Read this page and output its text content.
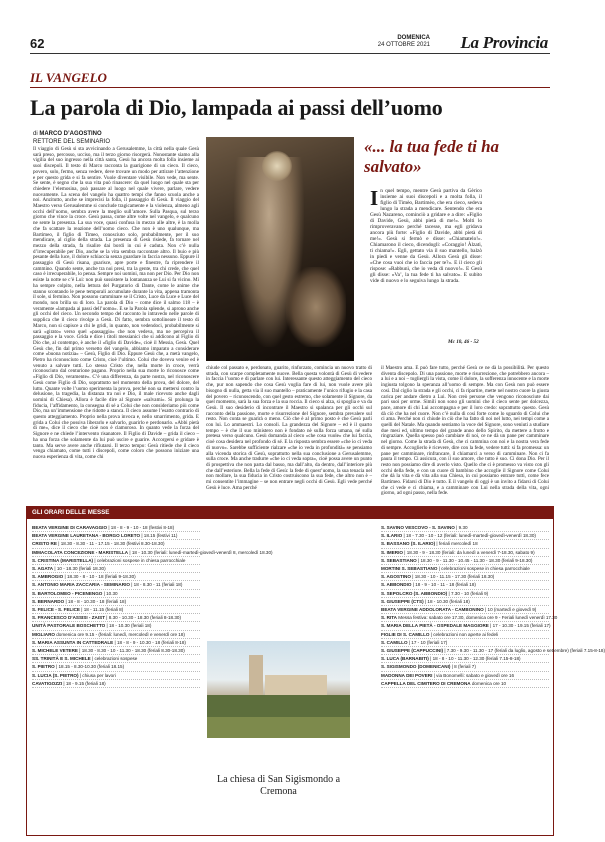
62	DOMENICA
24 OTTOBRE 2021 La Provincia
IL VANGELO
La parola di Dio, lampada ai passi dell’uomo
di MARCO D’AGOSTINO
RETTORE DEL SEMINARIO

Il viaggio di Gesù si sta avvicinando a Gerusalemme, la città nella quale Gesù sarà preso, percosso, ucciso, ma il terzo giorno risorgerà. Nonostante siamo alla vigilia del suo ingresso nella città santa, Gesù ha ancora molta folla insieme ai suoi discepoli. Il testo di Marco racconta la guarigione di un cieco. Il cieco, povero, solo, fermo, senza vedere, deve trovare un modo per attirare l’attenzione e per questo grida e si fa sentire. Vuole diventare visibile. Non vede, ma sente. Se sente, è segno che la sua vita può rinascere: da quel luogo nel quale sta per chiedere l’elemosina, può passare al luogo nel quale vivere, parlare, vedere nuovamente. La scena del vangelo ha quattro tempi che fanno scuola anche a noi. Anzitutto, anche se imprecisi la folla, il passaggio di Gesù. Il viaggio del Maestro verso Gerusalemme si conclude tragicamente e la violenza, almeno agli occhi dell’uomo, sembra avere la meglio sull’amore. Sulla Pasqua, sul terzo giorno che vince la croce. Gesù passa, come altre volte nel vangelo, e qualcuno ne sente la presenza. La sua voce, quasi confusa in mezzo alle altre, è la molla che fa scattare la reazione dell’uomo cieco. Che non è uno qualunque, ma Bartimeo, il figlio di Timeo, conosciuto solo, probabilmente, per il suo mendicare, al ciglio della strada. La presenza di Gesù risiede, fa tornare nel mezzo della strada, fa risalire dai bordi in cui è caduta. Non c’è nulla d’irrecuperabile per Dio, anche se la vita sembra raccontare altro. Il buio e più pesante della luce, il dolore schiaccia senza guardare in faccia nessuno. Eppure il passaggio di Gesù risana, guarisce, apre porte e finestre, fa riprendere il cammino. Quando sente, anche tra noi presi, tra la gente, tra chi crede, che quel caso è irrecuperabile, lo pensa. Sempre noi uomini, ma non per Dio. Per Dio non esiste la notte se c’è Lui: non può sussistere la lontananza se Lui si fa vicino. Mi ha sempre colpito, nella lettura del Purgatorio di Dante, come le anime che stanno scontando le pene temporali accumulate durante la vita, appena tramonta il sole, si fermino. Non possono camminare se il Cristo, Luce da Luce e Luce del mondo, non brilla su di loro. La parola di Dio – come dice il salmo 118 – è veramente «lampada ai passi dell’uomo». E se la Parola splende, si aprono anche gli occhi del cieco. Un secondo tempo del racconto lo intravedo nelle parole di supplica che il cieco rivolge a Gesù. Di fatto, sembra sottolineare il testo di Marco, non si capisce a chi le gridi, in quanto, non vedendoci, probabilmente si sarà «girato» verso quel «passaggio» che non vedeva, ma ne percepiva il passaggio e la voce. Grida e dice i titoli messianici che si addicono al Figlio di Dio che, al contempo, è anche il «figlio di Davide», cioè il Messia, Gesù. Quel Gesù che, fin dal primo versetto del vangelo, abbiamo imparato a considerare come «buona notizia» – Gesù, Figlio di Dio. Eppure Gesù che, a metà vangelo, Pietro ha riconosciuto come Cristo, cioè l’ultimo. Colui che doveva venire ed è venuto a salvare tutti. Lo stesso Cristo che, nella morte in croce, verrà riconosciuto dal centurione pagano. Proprio nella sua morte lo riconosce come «Figlio di Dio, veramente». C’è una differenza, da parte nostra, nel riconoscere Gesù come Figlio di Dio, soprattutto nel momento della prova, del dolore, del lutto. Quante volte l’uomo sperimenta la prova, perché non sa mettersi contro la delusione, la tragedia, la distanza tra noi e Dio, il male ricevuto anche dagli uomini di Chiesa). Allora è facile dire al Signore «salvami». Si prolunga la fiducia, l’affidamento, la consegna di sé a Colui che non consideriamo più come Dio, ma un’immensione che ridotte a stanca. Il cieco assume l’esatto contrario di questo atteggiamento. Proprio nella prova invoca e, nello smarrimento, grida. E grida a Colui che possiva liberarlo e salvarlo, guarirlo e perdonarlo. «Abbi pietà di me», dice il cieco che cioè non è clamoroso. In quanto vede la forza del Signore e ne chiede l’intervento risanatore. Il Figlio di Davide – grida il cieco – ha una forza che solamente da lui può uscire e guarire. Accorgersi e gridare è tanto. Ma serve avere anche rifiutarsi. Il terzo tempo: Gesù ritiede che il cieco venga chiamato, come tutti i discepoli, come coloro che possono iniziare una nuova esperienza di vita, come chi

«... la tua fede ti ha salvato»
In quel tempo, mentre Gesù partiva da Gèrico insieme ai suoi discepoli e a molta folla, il figlio di Timèo, Bartimèo, che era cieco, sedeva lungo la strada a mendicare. Sentendo che era Gesù Nazareno, cominciò a gridare e a dire: «Figlio di Davide, Gesù, abbi pietà di me!». Molti lo rimproveravano perché tacesse, ma egli gridava ancora più forte: «Figlio di Davide, abbi pietà di me!». Gesù si fermò e disse: «Chiamatelo!». Chiamarono il cieco, dicendogli: «Coraggio! Àlzati, ti chiama!». Egli, gettato via il suo mantello, balzò in piedi e venne da Gesù. Allora Gesù gli disse: «Che cosa vuoi che io faccia per te?». E il cieco gli rispose: «Rabbunì, che io veda di nuovo!». E Gesù gli disse: «Va’, la tua fede ti ha salvato». E subito vide di nuovo e lo seguiva lungo la strada.
Mc 10, 46 - 52

chiude col passato e, perdonato, guarito, rinforzato, comincia un nuovo tratto di strada, con scarpe completamente nuove. Bella questa volontà di Gesù di vedere in faccia l’uomo e di parlare con lui. Interessante questo atteggiamento del cieco che, pur non sapendo che cosa Gesù voglia fare di lui, non vuole avere più bisogno di nulla, getta via il suo mantello – praticamente l’unico rifugio e la casa del povero – riconoscendo, con quel gesto estremo, che solamente il Signore, da quel momento, sarà la sua forza e la sua roccia. Il cieco si alza, si spoglia e va da Gesù. Il suo desiderio di incontrare il Maestro si spalanca per gli occhi sul racconto della passione, morte e risurrezione del Signore, sembra prevalere sul resto. Non conta se guarirà o meno. Ciò che è al primo posto è che Gesù parli con lui. Lo ammaestri. Lo consoli. La grandezza del Signore – ed è il quarto tempo – è che il suo ministero non è fondato nè sulla forza umana, né sulla pretesa verso qualcuno. Gesù domanda al cieco «che cosa vuole» che lui faccia, cioè cosa desidera nel profondo di sé. E la risposta sembra essere «che io ci veda di nuovo». Sarebbe sufficiente rialzare «che io veda in profondità» se pensiamo alla vicenda storica di Gesù, soprattutto nella sua conclusione a Gerusalemme, sulla croce. Ma anche tradurre «che io ci veda sopra», cioè possa avere un punto di prospettiva che non parta dal basso, ma dall’alto, da dentro, dall’interiore più che dall’esteriore. Bella la fede di Gesù: la fede di quest’uomo, la sua tenacia nel non mollare, la sua fiducia in Cristo costruiscono la sua fede, che altro non è – mi consentite l’immagine – se non entrare negli occhi di Gesù. Egli vede perché Gesù è luce. Ama perché

il Maestro ama. E può fare tutto, perché Gesù ce ne dà la possibilità. Per questo diventa discepolo. Di una passione, morte e risurrezione, che potrebbero ancora – a lui e a noi – togliergli la vista, come il dolore, la sofferenza innocente e la morte ingiusta tolgono la speranza all’uomo di sempre. Ma con Gesù non può essere così. Dal ciglio la strada e gli occhi, ci fa ripartire, mette nel nostro cuore la giusta carica per andare dietro a Lui. Non creò persone che vengono riconosciute dai pari suoi per orme. Simili non sono gli uomini che il cieco sente per dolcezza, pace, amore di chi Lui accompagna e per il loro credo: soprattutto questo. Gesù dà ciò che ha nel cuore. Non c’è nulla di così forte come lo sguardo di Colui che ci ama. Perché non ci chiude in ciò che ha fatto di noi nel lutto, nei tempi come a quelli del Natale. Ma quando sentiamo la voce del Signore, sono veniuti a studiare due mesi ed, ultimo tempo del grande anno dello Spirito, da mettere a frutto e ringraziare. Quella spesso può cambiare di noi, ce ne dà un pane per camminare nel giorno. Come la strada di Gesù, che ci cammina con noi e la nostra vera fede di sempre. Accoglierlo è ricevere, dire con la fede, vedere tutti: si fa promessa: un pane per camminare, rinfrancare, il chiamarci a verso di camminare. Non ci fa paura il tempo. Ci assicura, con il suo amore, che tutto è suo. Ci dona Dio. Per il resto non possiamo dire di averlo visto. Quello che ci è promesso va visto con gli occhi della fede, e con un cuore di bambino che accoglie il Signore come Colui che dà la vita e dà vita alla sua Chiesa, in cui possiamo entrare tutti, come fece Bartimeo. Fidarsi di Dio è tutto. E il vangelo di oggi è un invito a fidarsi di Colui che ci vede e ci chiama, e a camminare con Lui nella strada della vita, ogni giorno, ad ogni passo, nella fede.

GLI ORARI DELLE MESSE
BEATA VERGINE DI CARAVAGGIO | 18 - 8 - 9 - 10 - 18 (festivi 8-18)
BEATA VERGINE LAURETANA - BORGO LORETO | 18.15 (festivi 11)
CRISTO RE | 18.30 - 8.30 - 11 - 17.15 - 18.30 (festivi 8.30-18.30)
IMMACOLATA CONCEZIONE - MARISTELLA | 18 - 10.30 (feriali: lunedì-martedì-giovedì-venerdì 8, mercoledì 18.30)
S. CRISTINA (MARISTELLA) | celebrazioni sospese in chiesa parrocchiale
S. AGATA | 10 - 18.30 (feriali 18.30)
S. AMBROGIO | 18.30 - 8 - 10 - 18 (feriali 9-18.30)
S. ANTONIO MARIA ZACCARIA - SEMINARIO | 18 - 8.30 - 11 (feriali 18)
S. BARTOLOMEO - PICENENGO | 10.30
S. BERNARDO | 18 - 8 - 10.30 - 18 (feriali 18)
S. FELICE - S. FELICE | 18 - 11.15 (feriali 8)
S. FRANCESCO D’ASSISI - ZAIST | 8.30 - 10.30 - 18.30 (feriali 8-18.30)
UNITÀ PASTORALE BOSCHETTO | 18 - 10.30 (feriali 18)
MIGLIARO domenica ore 9.15 - (feriali: lunedì, mercoledì e venerdì ore 18)
S. MARIA ASSUNTA IN CATTEDRALE | 18 - 8 - 9 - 10.30 - 18 (feriali 8-18)
S. MICHELE VETERE | 18.30 - 8.30 - 10 - 11.30 - 18.30 (feriali 8.30-18.30)
SS. TRINITÀ E S. MICHELE | celebrazioni sospese
S. PIETRO | 18.15 - 8.30-10.30 (feriali 18.15)
S. LUCIA (S. PIETRO) | chiusa per lavori
CAVATIGOZZI | 18 - 9.15 (feriali 18)
S. SAVINO VESCOVO - S. SAVINO | 9.30
S. ILARIO | 18 - 7.30 - 10 - 12 (feriali: lunedì-martedì-giovedì-venerdì 18.30)
S. BASSANO (S. ILARIO) | feriali mercoledì 18
S. IMERIO | 18.30 - 9 - 18.30 (feriali: da lunedì a venerdì 7-18.30, sabato 9)
S. SEBASTIANO | 18.30 - 9 - 11.30 - 10.45 - 11.30 - 18.30 (feriali 9-18.30)
MORTINI S. SEBASTIANO | celebrazioni sospese in chiesa parrocchiale
S. AGOSTINO | 18.30 - 10 - 11.15 - 17.30 (feriali 18.30)
S. ABBONDIO | 18 - 9 - 10 - 11 - 18 (feriali 18)
S. SEPOLCRO (S. ABBONDIO) | 7.30 - 10 (feriali 9)
S. GIUSEPPE (CTS) | 18 - 10.30 (feriali 18)
BEATA VERGINE ADDOLORATA - CAMBONINO | 10 (martedì e giovedì 9)
S. RITA Messa festiva: sabato ore 17.30, domenica ore 9 - Feriali lunedì venerdì 17.30
S. MARIA DELLA PIETÀ - OSPEDALE MAGGIORE | 17 - 10.30 - 19.15 (feriali 17)
FIGLIE DI S. CAMILLO | celebrazioni non aperte ai fedeli
S. CAMILLO | 17 - 10 (feriali 17)
S. GIUSEPPE (CAPPUCCINI) | 7.30 - 9.30 - 11.30 - 17 (feriali da luglio, agosto e settembre) (feriali 7.15-8-18)
S. LUCA (BARNABITI) | 18 - 8 - 10 - 11.30 - 12.30 (feriali 7.15-8-18)
S. SIGISMONDO (DOMENICANI) | 8 (feriali 7)
MADONNA DEI POVERI | via Bonomelli: sabato e giovedì ore 16
CAPPELLA DEL CIMITERO DI CREMONA domenica ore 10
La chiesa di San Sigismondo a Cremona
